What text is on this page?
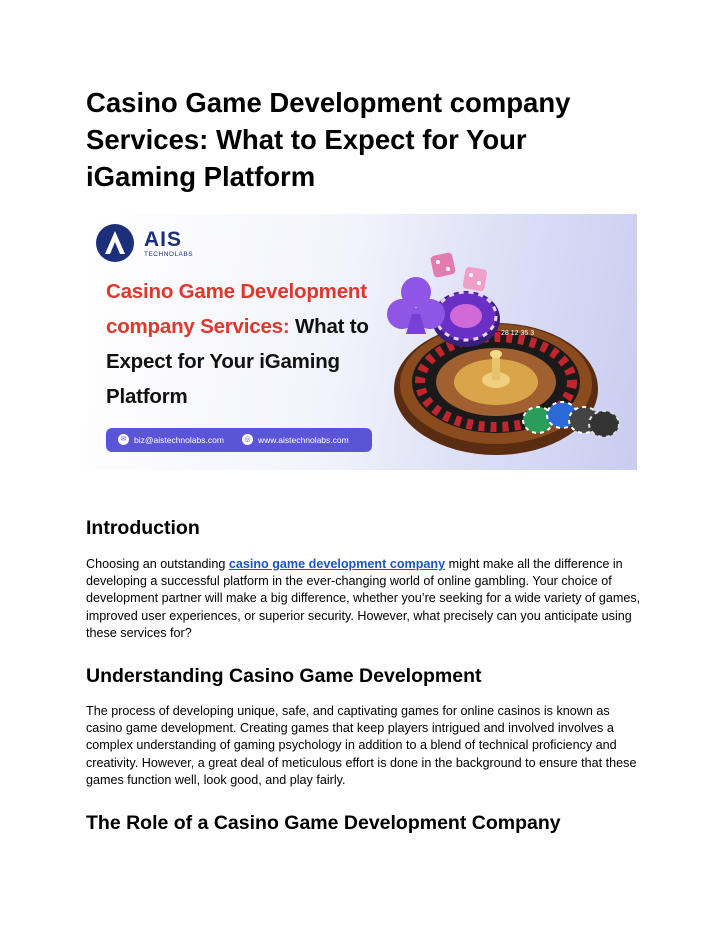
Casino Game Development company Services: What to Expect for Your iGaming Platform
28 12 35 3
AIS
TECHNOLABS
Casino Game Development
company Services: What to
Expect for Your iGaming
Platform
✉ biz@aistechnolabs.com	◎ www.aistechnolabs.com
Introduction

Choosing an outstanding casino game development company might make all the difference in developing a successful platform in the ever-changing world of online gambling. Your choice of development partner will make a big difference, whether you’re seeking for a wide variety of games, improved user experiences, or superior security. However, what precisely can you anticipate using these services for?

Understanding Casino Game Development

The process of developing unique, safe, and captivating games for online casinos is known as casino game development. Creating games that keep players intrigued and involved involves a complex understanding of gaming psychology in addition to a blend of technical proficiency and creativity. However, a great deal of meticulous effort is done in the background to ensure that these games function well, look good, and play fairly.

The Role of a Casino Game Development Company
